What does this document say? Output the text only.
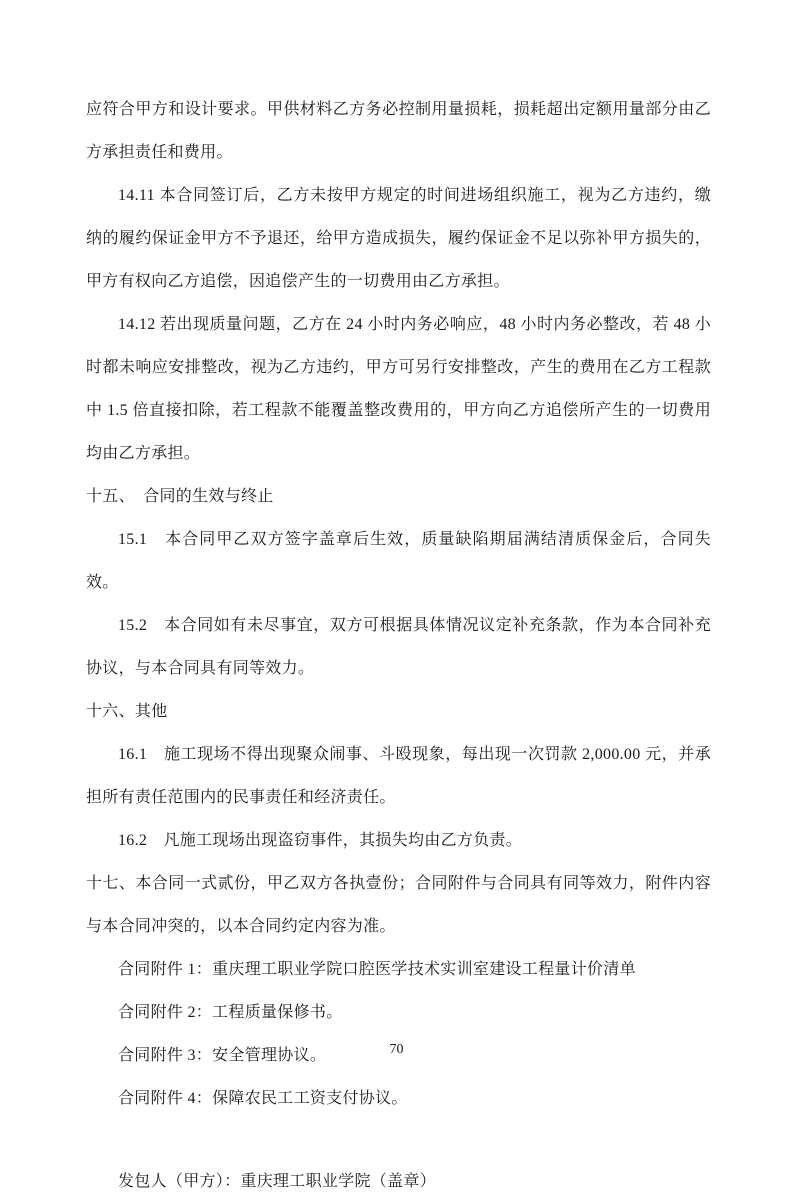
应符合甲方和设计要求。甲供材料乙方务必控制用量损耗，损耗超出定额用量部分由乙方承担责任和费用。

14.11 本合同签订后，乙方未按甲方规定的时间进场组织施工，视为乙方违约，缴纳的履约保证金甲方不予退还，给甲方造成损失，履约保证金不足以弥补甲方损失的，甲方有权向乙方追偿，因追偿产生的一切费用由乙方承担。

14.12 若出现质量问题，乙方在 24 小时内务必响应，48 小时内务必整改，若 48 小时都未响应安排整改，视为乙方违约，甲方可另行安排整改，产生的费用在乙方工程款中 1.5 倍直接扣除，若工程款不能覆盖整改费用的，甲方向乙方追偿所产生的一切费用均由乙方承担。

十五、　合同的生效与终止

15.1　本合同甲乙双方签字盖章后生效，质量缺陷期届满结清质保金后，合同失效。

15.2　本合同如有未尽事宜，双方可根据具体情况议定补充条款，作为本合同补充协议，与本合同具有同等效力。

十六、其他

16.1　施工现场不得出现聚众闹事、斗殴现象，每出现一次罚款 2,000.00 元，并承担所有责任范围内的民事责任和经济责任。

16.2　凡施工现场出现盗窃事件，其损失均由乙方负责。

十七、本合同一式贰份，甲乙双方各执壹份；合同附件与合同具有同等效力，附件内容与本合同冲突的，以本合同约定内容为准。

合同附件 1：重庆理工职业学院口腔医学技术实训室建设工程量计价清单

合同附件 2：工程质量保修书。

合同附件 3：安全管理协议。

合同附件 4：保障农民工工资支付协议。

发包人（甲方）：重庆理工职业学院（盖章）

70
